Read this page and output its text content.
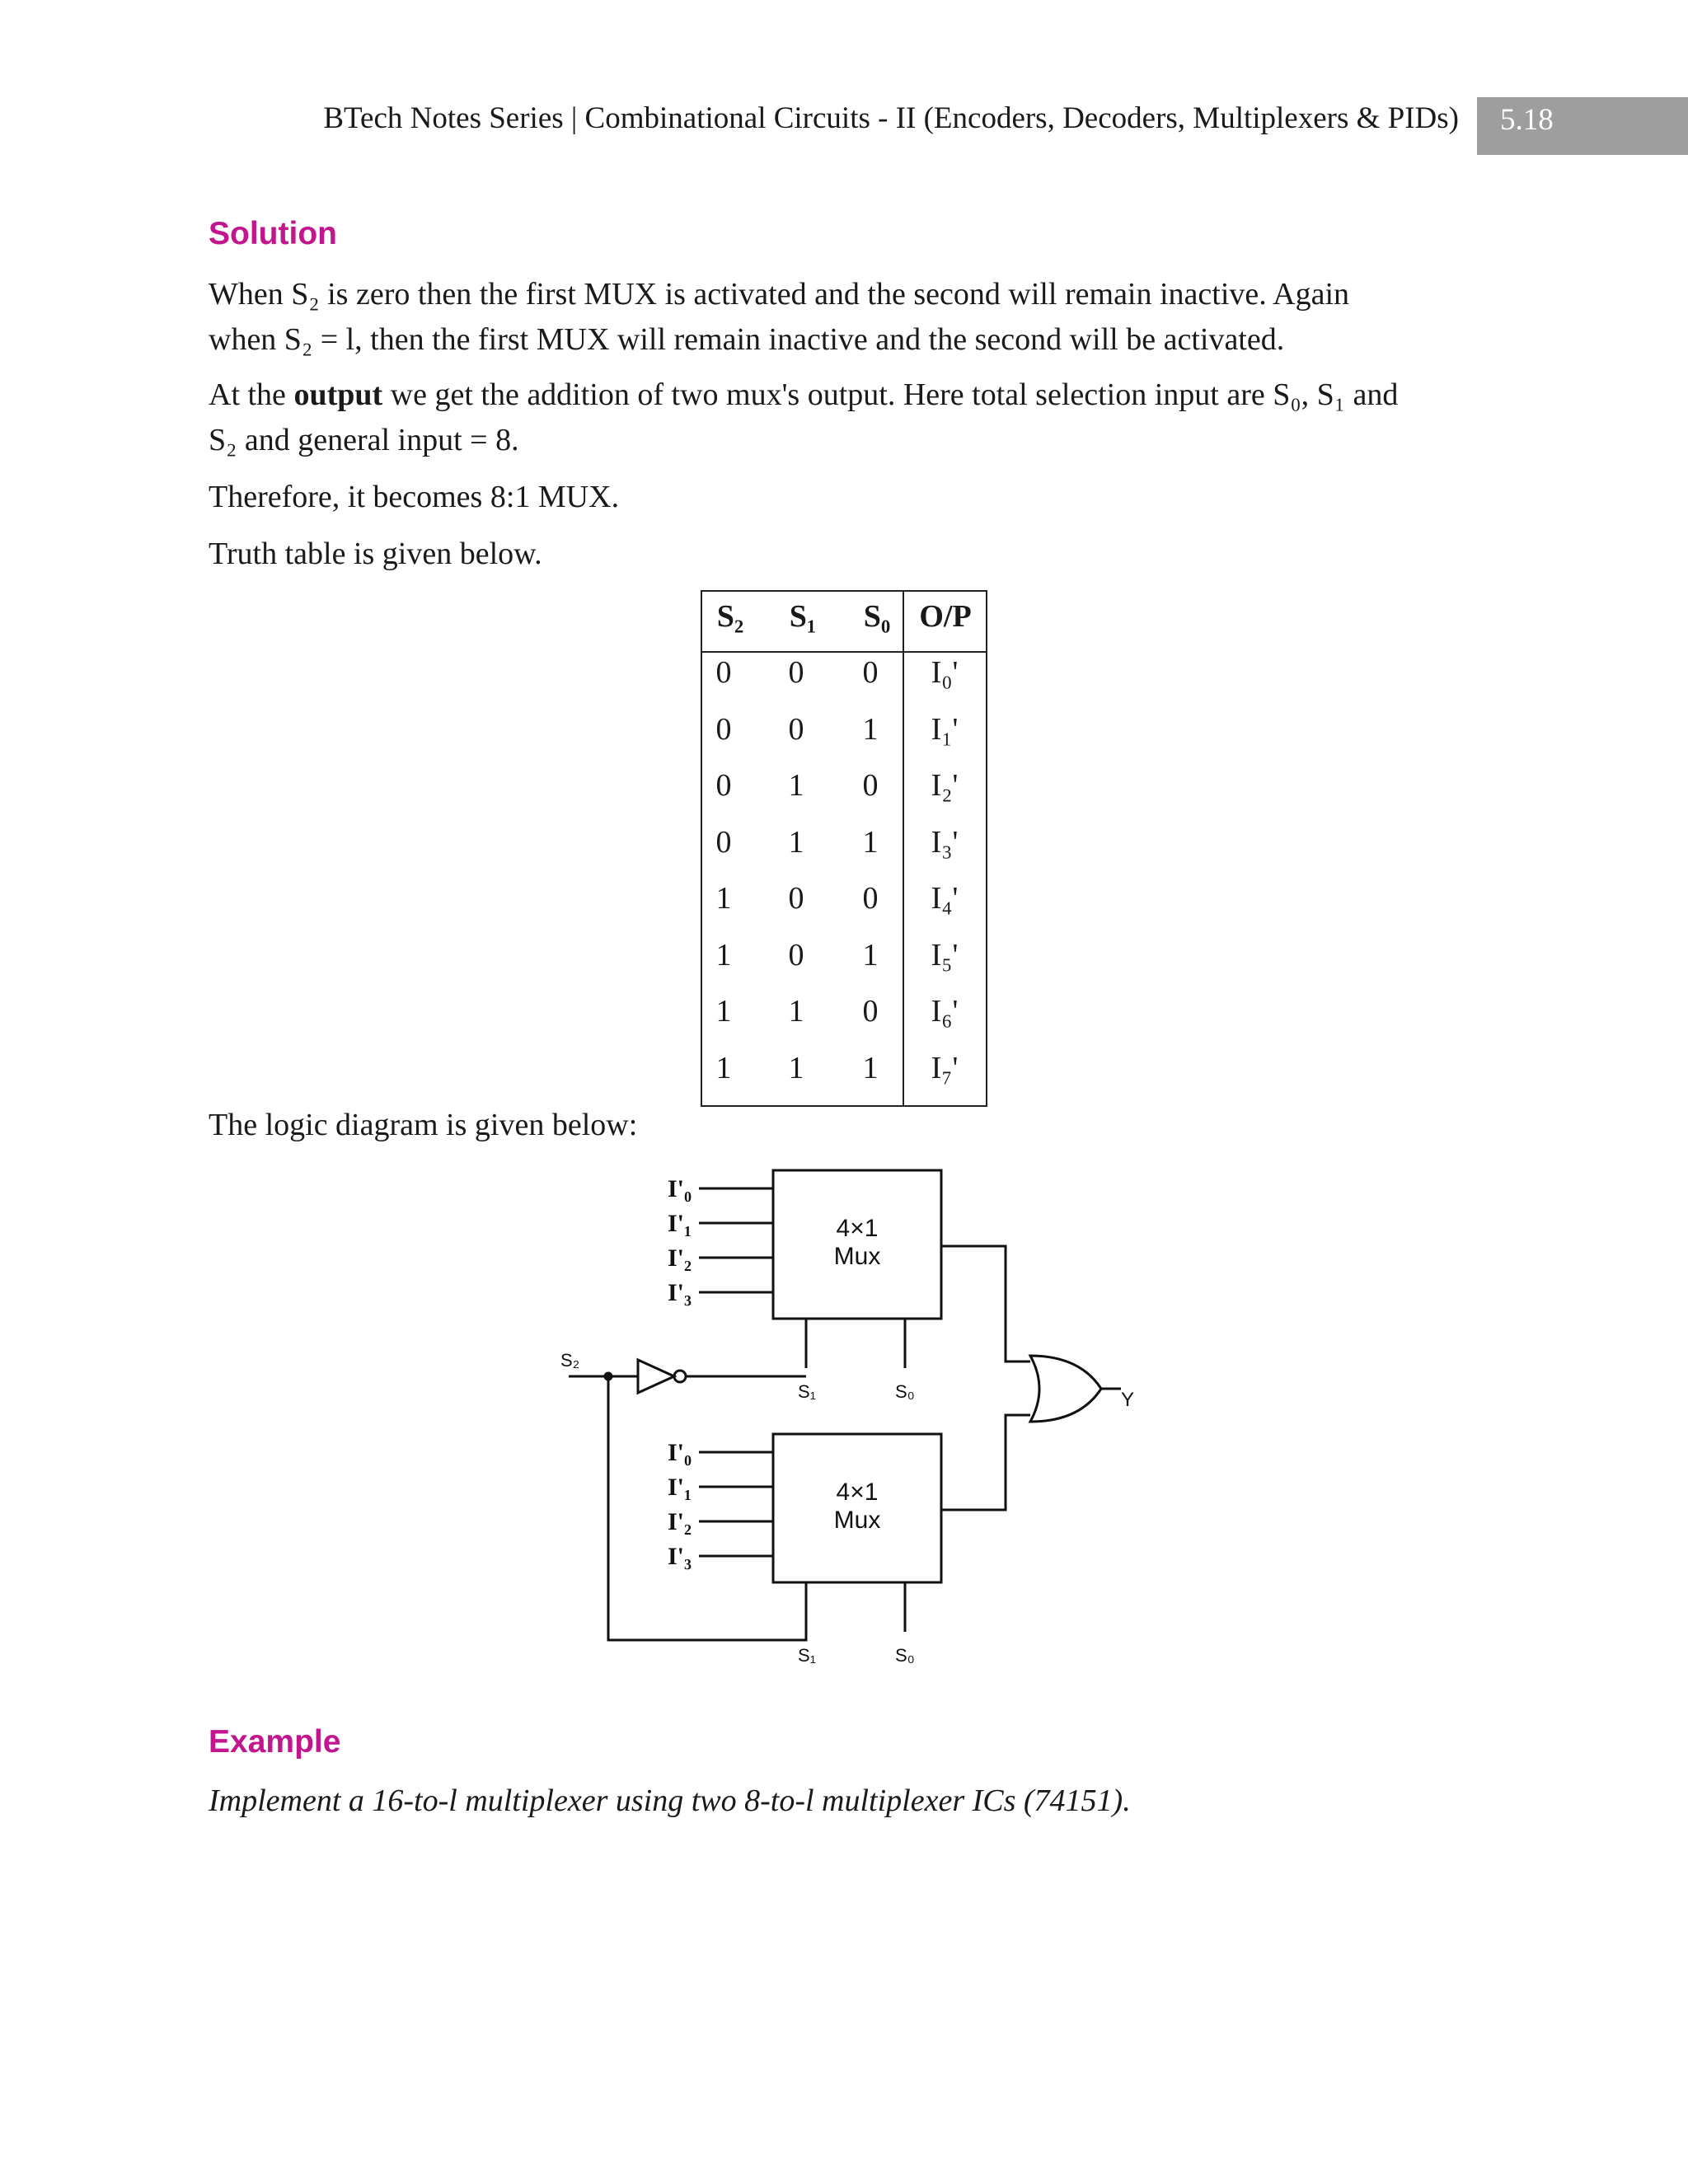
BTech Notes Series | Combinational Circuits - II (Encoders, Decoders, Multiplexers & PIDs) 5.18
Solution
When S₂ is zero then the first MUX is activated and the second will remain inactive. Again
when S₂ = l, then the first MUX will remain inactive and the second will be activated.
At the output we get the addition of two mux's output. Here total selection input are S₀, S₁ and
S₂ and general input = 8.
Therefore, it becomes 8:1 MUX.
Truth table is given below.
S₂	S₁	S₀ O/P
0	0	0	I₀'
0	0	1	I₁'
0	1	0	I₂'
0	1	1	I₃'
1	0	0	I₄'
1	0	1	I₅'
1	1	0	I₆'
1	1	1	I₇'
The logic diagram is given below:
4×1
Mux
4×1
Mux
I'₀
I'₁
I'₂
I'₃
I'₀
I'₁
I'₂
I'₃
S₁	S₀
S₁	S₀
S₂
Y
Example
Implement a 16-to-l multiplexer using two 8-to-l multiplexer ICs (74151).
